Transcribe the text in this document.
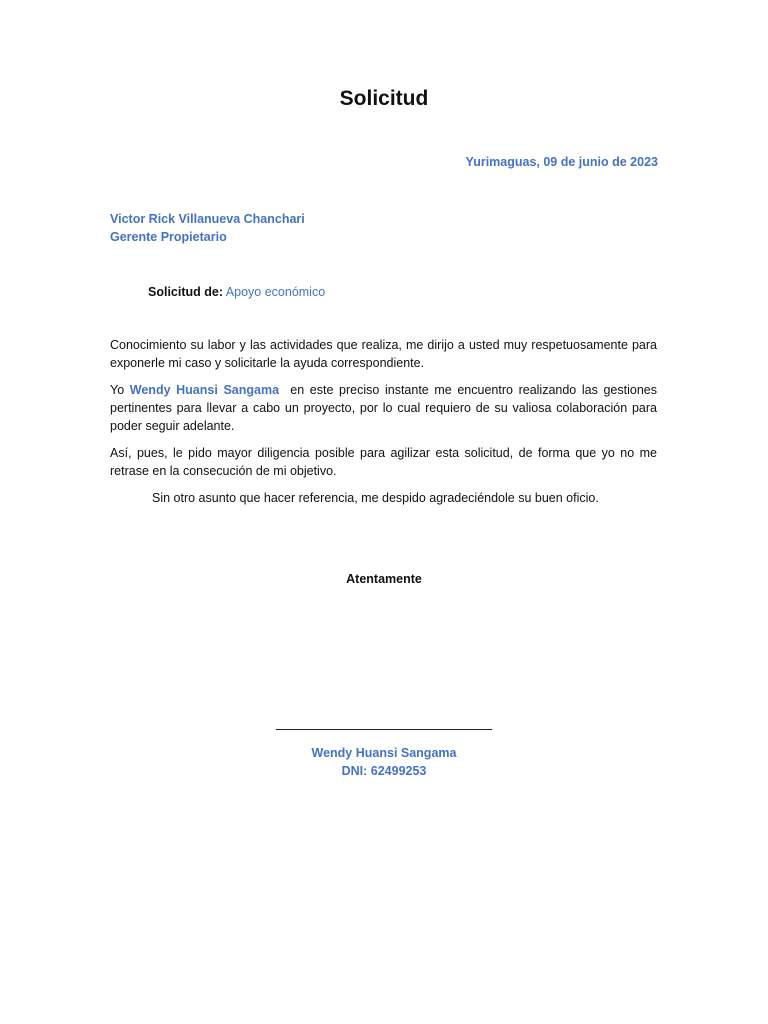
Solicitud
Yurimaguas, 09 de junio de 2023
Victor Rick Villanueva Chanchari
Gerente Propietario
Solicitud de: Apoyo económico

Conocimiento su labor y las actividades que realiza, me dirijo a usted muy respetuosamente para exponerle mi caso y solicitarle la ayuda correspondiente.

Yo Wendy Huansi Sangama en este preciso instante me encuentro realizando las gestiones pertinentes para llevar a cabo un proyecto, por lo cual requiero de su valiosa colaboración para poder seguir adelante.

Así, pues, le pido mayor diligencia posible para agilizar esta solicitud, de forma que yo no me retrase en la consecución de mi objetivo.

Sin otro asunto que hacer referencia, me despido agradeciéndole su buen oficio.

Atentamente
Wendy Huansi Sangama
DNI: 62499253
